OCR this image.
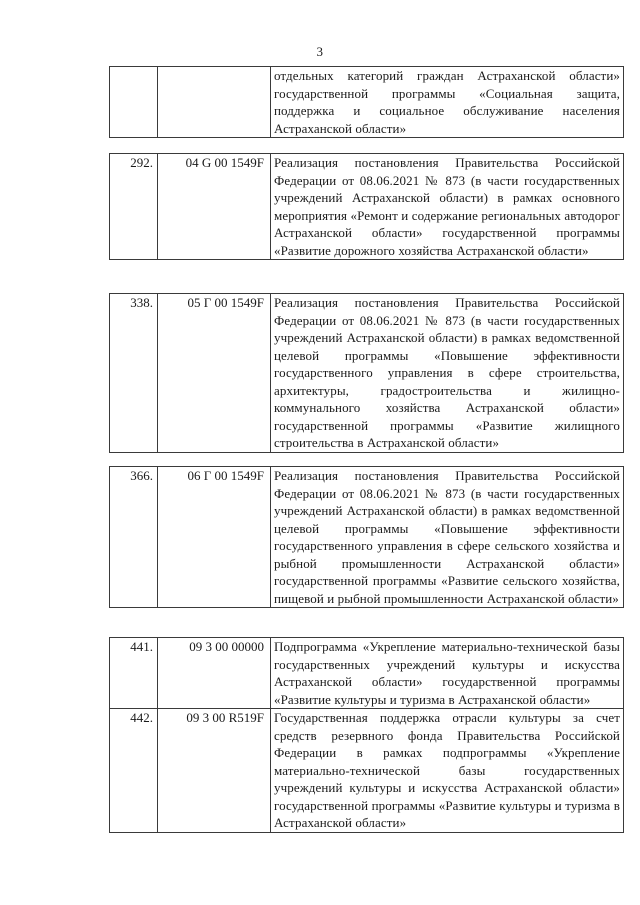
3
		отдельных категорий граждан Астраханской области» государственной программы «Социальная защита, поддержка и социальное обслуживание населения Астраханской области»
292.	04 G 00 1549F	Реализация постановления Правительства Российской Федерации от 08.06.2021 № 873 (в части государственных учреждений Астраханской области) в рамках основного мероприятия «Ремонт и содержание региональных автодорог Астраханской области» государственной программы «Развитие дорожного хозяйства Астраханской области»
338.	05 Г 00 1549F	Реализация постановления Правительства Российской Федерации от 08.06.2021 № 873 (в части государственных учреждений Астраханской области) в рамках ведомственной целевой программы «Повышение эффективности государственного управления в сфере строительства, архитектуры, градостроительства и жилищно-коммунального хозяйства Астраханской области» государственной программы «Развитие жилищного строительства в Астраханской области»
366.	06 Г 00 1549F	Реализация постановления Правительства Российской Федерации от 08.06.2021 № 873 (в части государственных учреждений Астраханской области) в рамках ведомственной целевой программы «Повышение эффективности государственного управления в сфере сельского хозяйства и рыбной промышленности Астраханской области» государственной программы «Развитие сельского хозяйства, пищевой и рыбной промышленности Астраханской области»
441.	09 3 00 00000	Подпрограмма «Укрепление материально-технической базы государственных учреждений культуры и искусства Астраханской области» государственной программы «Развитие культуры и туризма в Астраханской области»
442.	09 3 00 R519F	Государственная поддержка отрасли культуры за счет средств резервного фонда Правительства Российской Федерации в рамках подпрограммы «Укрепление материально-технической базы государственных учреждений культуры и искусства Астраханской области» государственной программы «Развитие культуры и туризма в Астраханской области»
